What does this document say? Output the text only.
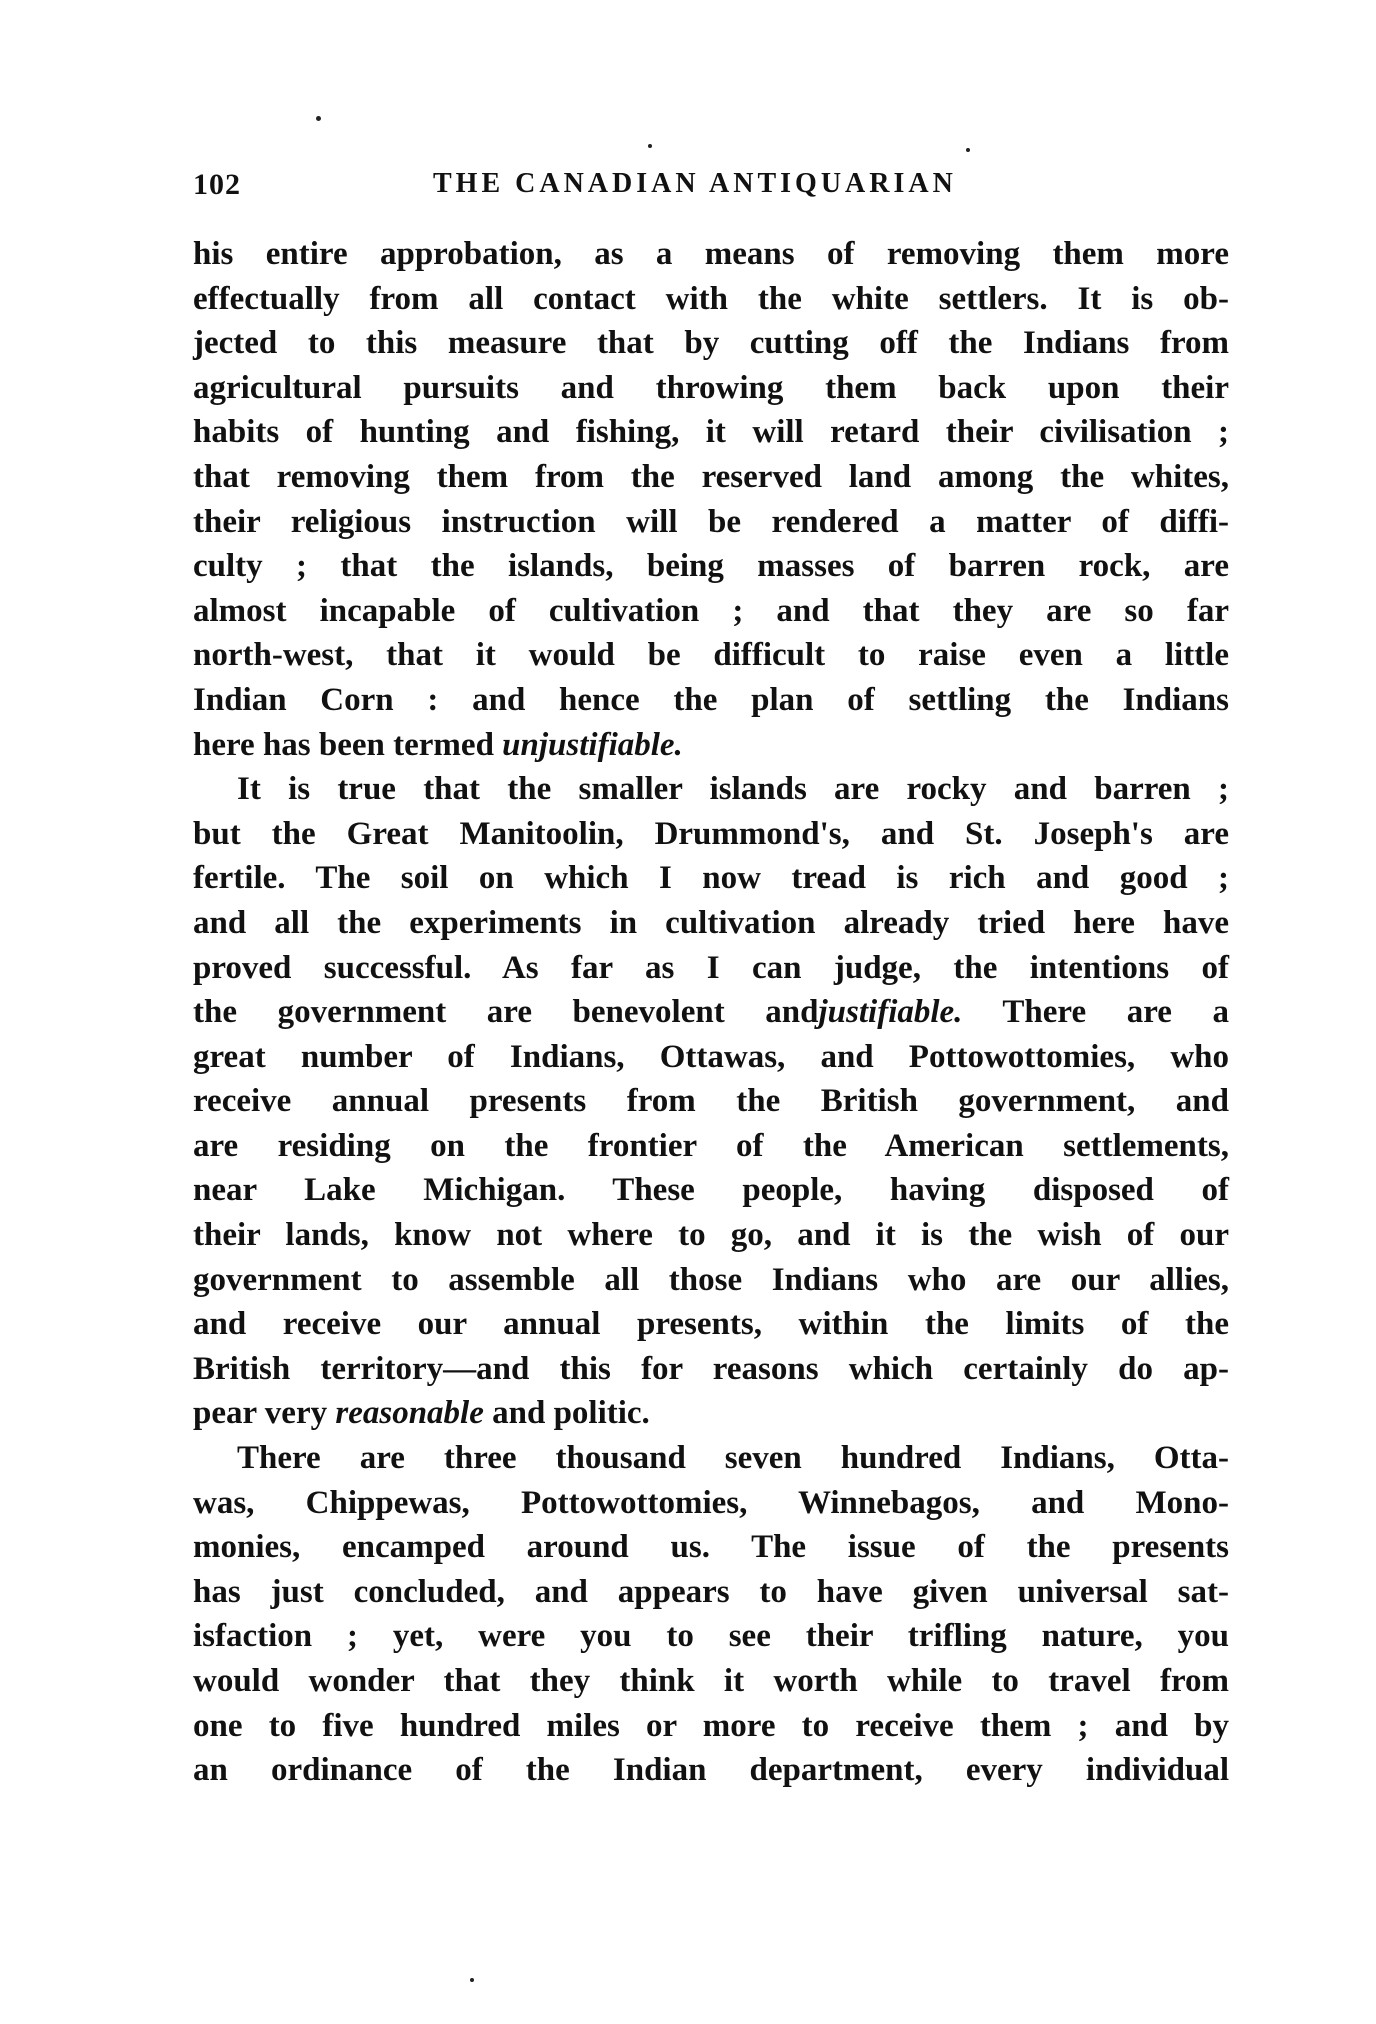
102	THE CANADIAN ANTIQUARIAN
his entire approbation, as a means of removing them more
effectually from all contact with the white settlers. It is ob-
jected to this measure that by cutting off the Indians from
agricultural pursuits and throwing them back upon their
habits of hunting and fishing, it will retard their civilisation ;
that removing them from the reserved land among the whites,
their religious instruction will be rendered a matter of diffi-
culty ; that the islands, being masses of barren rock, are
almost incapable of cultivation ; and that they are so far
north-west, that it would be difficult to raise even a little
Indian Corn : and hence the plan of settling the Indians
here has been termed unjustifiable.
It is true that the smaller islands are rocky and barren ;
but the Great Manitoolin, Drummond's, and St. Joseph's are
fertile. The soil on which I now tread is rich and good ;
and all the experiments in cultivation already tried here have
proved successful. As far as I can judge, the intentions of
the government are benevolent andjustifiable. There are a
great number of Indians, Ottawas, and Pottowottomies, who
receive annual presents from the British government, and
are residing on the frontier of the American settlements,
near Lake Michigan. These people, having disposed of
their lands, know not where to go, and it is the wish of our
government to assemble all those Indians who are our allies,
and receive our annual presents, within the limits of the
British territory—and this for reasons which certainly do ap-
pear very reasonable and politic.
There are three thousand seven hundred Indians, Otta-
was, Chippewas, Pottowottomies, Winnebagos, and Mono-
monies, encamped around us. The issue of the presents
has just concluded, and appears to have given universal sat-
isfaction ; yet, were you to see their trifling nature, you
would wonder that they think it worth while to travel from
one to five hundred miles or more to receive them ; and by
an ordinance of the Indian department, every individual
